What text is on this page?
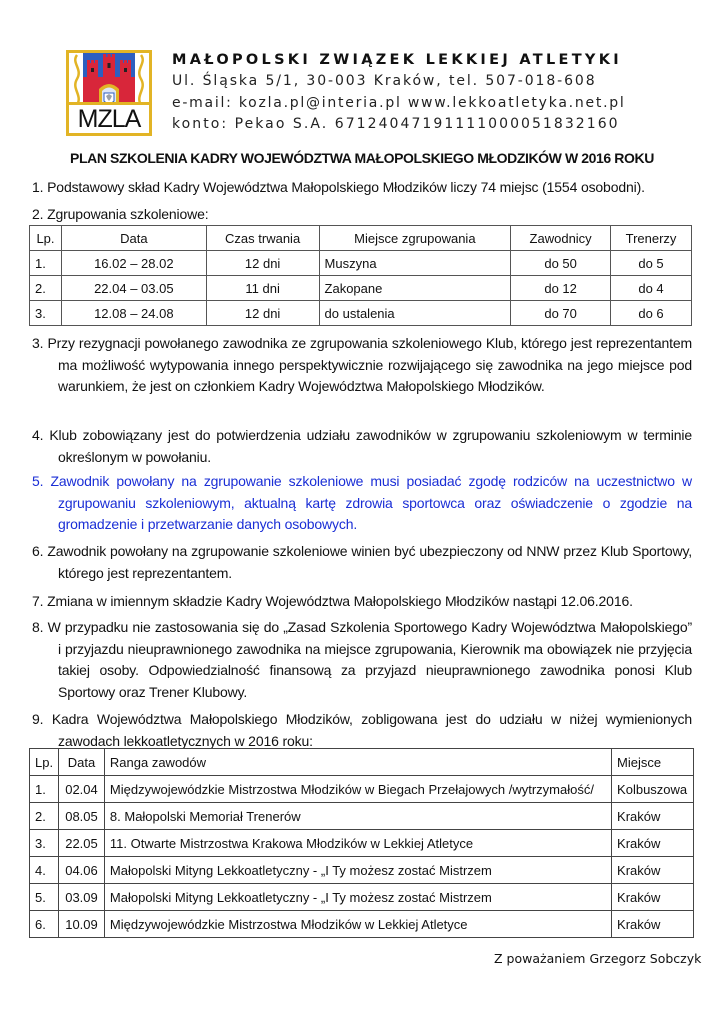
MZLA
MAŁOPOLSKI ZWIĄZEK LEKKIEJ ATLETYKI
Ul. Śląska 5/1, 30-003 Kraków, tel. 507-018-608
e-mail: kozla.pl@interia.pl www.lekkoatletyka.net.pl
konto: Pekao S.A. 67124047191111000051832160
PLAN SZKOLENIA KADRY WOJEWÓDZTWA MAŁOPOLSKIEGO MŁODZIKÓW W 2016 ROKU
1. Podstawowy skład Kadry Województwa Małopolskiego Młodzików liczy 74 miejsc (1554 osobodni).
2. Zgrupowania szkoleniowe:
Lp.	Data	Czas trwania	Miejsce zgrupowania	Zawodnicy	Trenerzy
1.	16.02 – 28.02	12 dni	Muszyna	do 50	do 5
2.	22.04 – 03.05	11 dni	Zakopane	do 12	do 4
3.	12.08 – 24.08	12 dni	do ustalenia	do 70	do 6
3. Przy rezygnacji powołanego zawodnika ze zgrupowania szkoleniowego Klub, którego jest reprezentantem ma możliwość wytypowania innego perspektywicznie rozwijającego się zawodnika na jego miejsce pod warunkiem, że jest on członkiem Kadry Województwa Małopolskiego Młodzików.
4. Klub zobowiązany jest do potwierdzenia udziału zawodników w zgrupowaniu szkoleniowym w terminie określonym w powołaniu.
5. Zawodnik powołany na zgrupowanie szkoleniowe musi posiadać zgodę rodziców na uczestnictwo w zgrupowaniu szkoleniowym, aktualną kartę zdrowia sportowca oraz oświadczenie o zgodzie na gromadzenie i przetwarzanie danych osobowych.
6. Zawodnik powołany na zgrupowanie szkoleniowe winien być ubezpieczony od NNW przez Klub Sportowy, którego jest reprezentantem.
7. Zmiana w imiennym składzie Kadry Województwa Małopolskiego Młodzików nastąpi 12.06.2016.
8. W przypadku nie zastosowania się do „Zasad Szkolenia Sportowego Kadry Województwa Małopolskiego” i przyjazdu nieuprawnionego zawodnika na miejsce zgrupowania, Kierownik ma obowiązek nie przyjęcia takiej osoby. Odpowiedzialność finansową za przyjazd nieuprawnionego zawodnika ponosi Klub Sportowy oraz Trener Klubowy.
9. Kadra Województwa Małopolskiego Młodzików, zobligowana jest do udziału w niżej wymienionych zawodach lekkoatletycznych w 2016 roku:
Lp.	Data	Ranga zawodów	Miejsce
1.	02.04	Międzywojewódzkie Mistrzostwa Młodzików w Biegach Przełajowych /wytrzymałość/	Kolbuszowa
2.	08.05	8. Małopolski Memoriał Trenerów	Kraków
3.	22.05	11. Otwarte Mistrzostwa Krakowa Młodzików w Lekkiej Atletyce	Kraków
4.	04.06	Małopolski Mityng Lekkoatletyczny - „I Ty możesz zostać Mistrzem	Kraków
5.	03.09	Małopolski Mityng Lekkoatletyczny - „I Ty możesz zostać Mistrzem	Kraków
6.	10.09	Międzywojewódzkie Mistrzostwa Młodzików w Lekkiej Atletyce	Kraków
Z poważaniem Grzegorz Sobczyk
